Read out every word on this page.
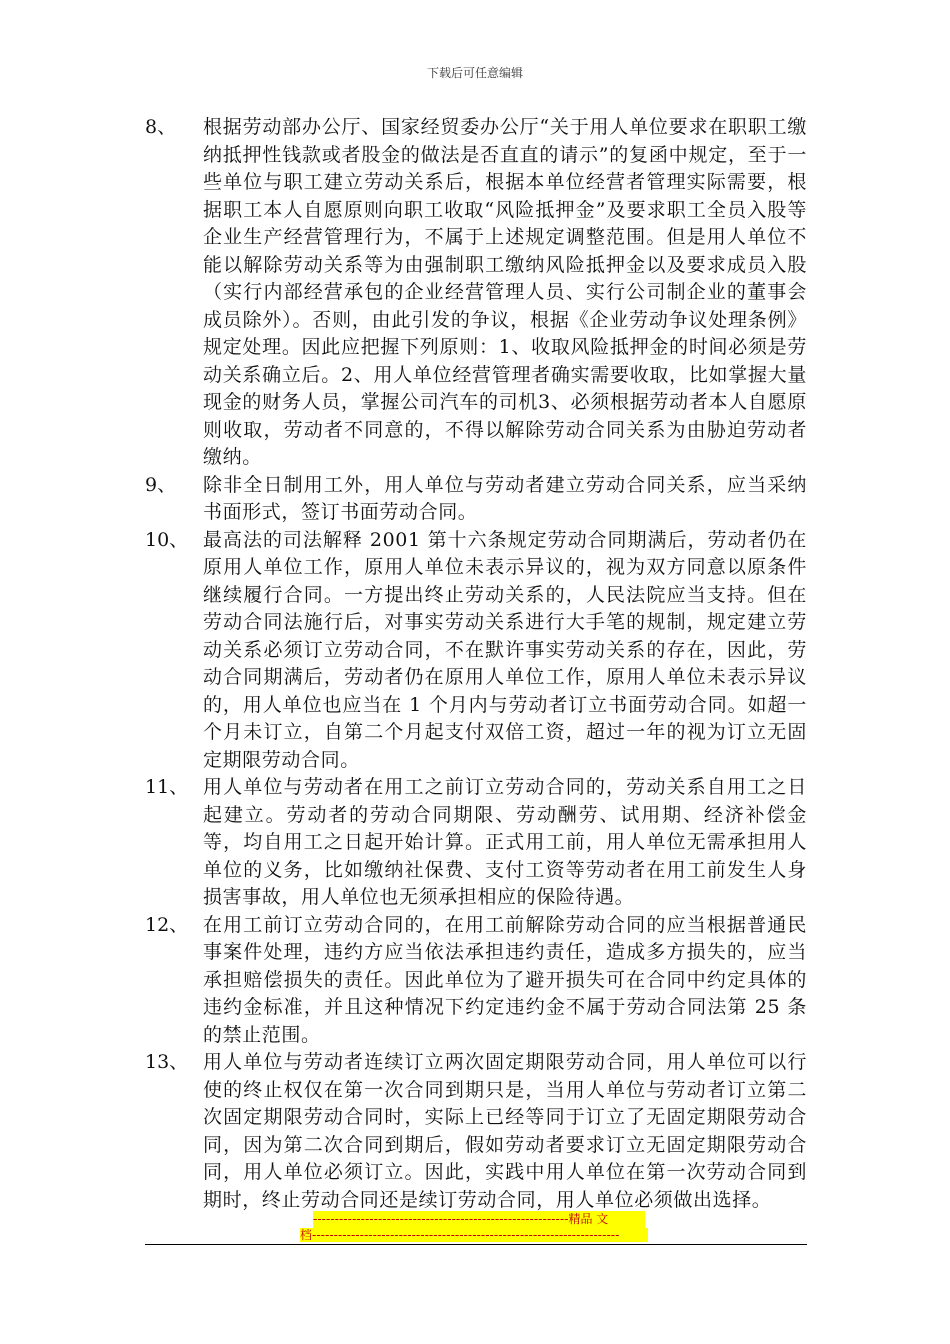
下载后可任意编辑
8、	根据劳动部办公厅、国家经贸委办公厅“关于用人单位要求在职职工缴纳抵押性钱款或者股金的做法是否直直的请示”的复函中规定，至于一些单位与职工建立劳动关系后，根据本单位经营者管理实际需要，根据职工本人自愿原则向职工收取“风险抵押金”及要求职工全员入股等企业生产经营管理行为，不属于上述规定调整范围。但是用人单位不能以解除劳动关系等为由强制职工缴纳风险抵押金以及要求成员入股（实行内部经营承包的企业经营管理人员、实行公司制企业的董事会成员除外）。否则，由此引发的争议，根据《企业劳动争议处理条例》规定处理。因此应把握下列原则：1、收取风险抵押金的时间必须是劳动关系确立后。2、用人单位经营管理者确实需要收取，比如掌握大量现金的财务人员，掌握公司汽车的司机3、必须根据劳动者本人自愿原则收取，劳动者不同意的，不得以解除劳动合同关系为由胁迫劳动者缴纳。
9、	除非全日制用工外，用人单位与劳动者建立劳动合同关系，应当采纳书面形式，签订书面劳动合同。
10、 最高法的司法解释 2001 第十六条规定劳动合同期满后，劳动者仍在原用人单位工作，原用人单位未表示异议的，视为双方同意以原条件继续履行合同。一方提出终止劳动关系的，人民法院应当支持。但在劳动合同法施行后，对事实劳动关系进行大手笔的规制，规定建立劳动关系必须订立劳动合同，不在默许事实劳动关系的存在，因此，劳动合同期满后，劳动者仍在原用人单位工作，原用人单位未表示异议的，用人单位也应当在 1 个月内与劳动者订立书面劳动合同。如超一个月未订立，自第二个月起支付双倍工资，超过一年的视为订立无固定期限劳动合同。
11、 用人单位与劳动者在用工之前订立劳动合同的，劳动关系自用工之日起建立。劳动者的劳动合同期限、劳动酬劳、试用期、经济补偿金等，均自用工之日起开始计算。正式用工前，用人单位无需承担用人单位的义务，比如缴纳社保费、支付工资等劳动者在用工前发生人身损害事故，用人单位也无须承担相应的保险待遇。
12、 在用工前订立劳动合同的，在用工前解除劳动合同的应当根据普通民事案件处理，违约方应当依法承担违约责任，造成多方损失的，应当承担赔偿损失的责任。因此单位为了避开损失可在合同中约定具体的违约金标准，并且这种情况下约定违约金不属于劳动合同法第 25 条的禁止范围。
13、 用人单位与劳动者连续订立两次固定期限劳动合同，用人单位可以行使的终止权仅在第一次合同到期只是，当用人单位与劳动者订立第二次固定期限劳动合同时，实际上已经等同于订立了无固定期限劳动合同，因为第二次合同到期后，假如劳动者要求订立无固定期限劳动合同，用人单位必须订立。因此，实践中用人单位在第一次劳动合同到期时，终止劳动合同还是续订劳动合同，用人单位必须做出选择。
-----------------------------------------------------------精品 文
档-----------------------------------------------------------------------
